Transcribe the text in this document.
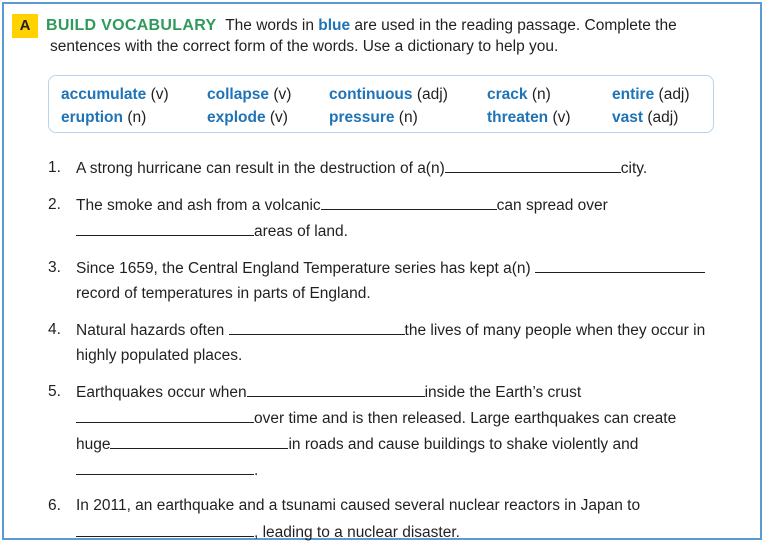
A BUILD VOCABULARY The words in blue are used in the reading passage. Complete the
sentences with the correct form of the words. Use a dictionary to help you.
accumulate (v) collapse (v) continuous (adj)	crack (n)	entire (adj)
eruption (n)	explode (v)	pressure (n)	threaten (v)	vast (adj)
1. A strong hurricane can result in the destruction of a(n)	city.
2. The smoke and ash from a volcanic	can spread over
areas of land.
3. Since 1659, the Central England Temperature series has kept a(n)
record of temperatures in parts of England.
4. Natural hazards often	the lives of many people when they occur in
highly populated places.
5. Earthquakes occur when	inside the Earth’s crust
over time and is then released. Large earthquakes can create
huge	in roads and cause buildings to shake violently and
.
6. In 2011, an earthquake and a tsunami caused several nuclear reactors in Japan to
, leading to a nuclear disaster.
